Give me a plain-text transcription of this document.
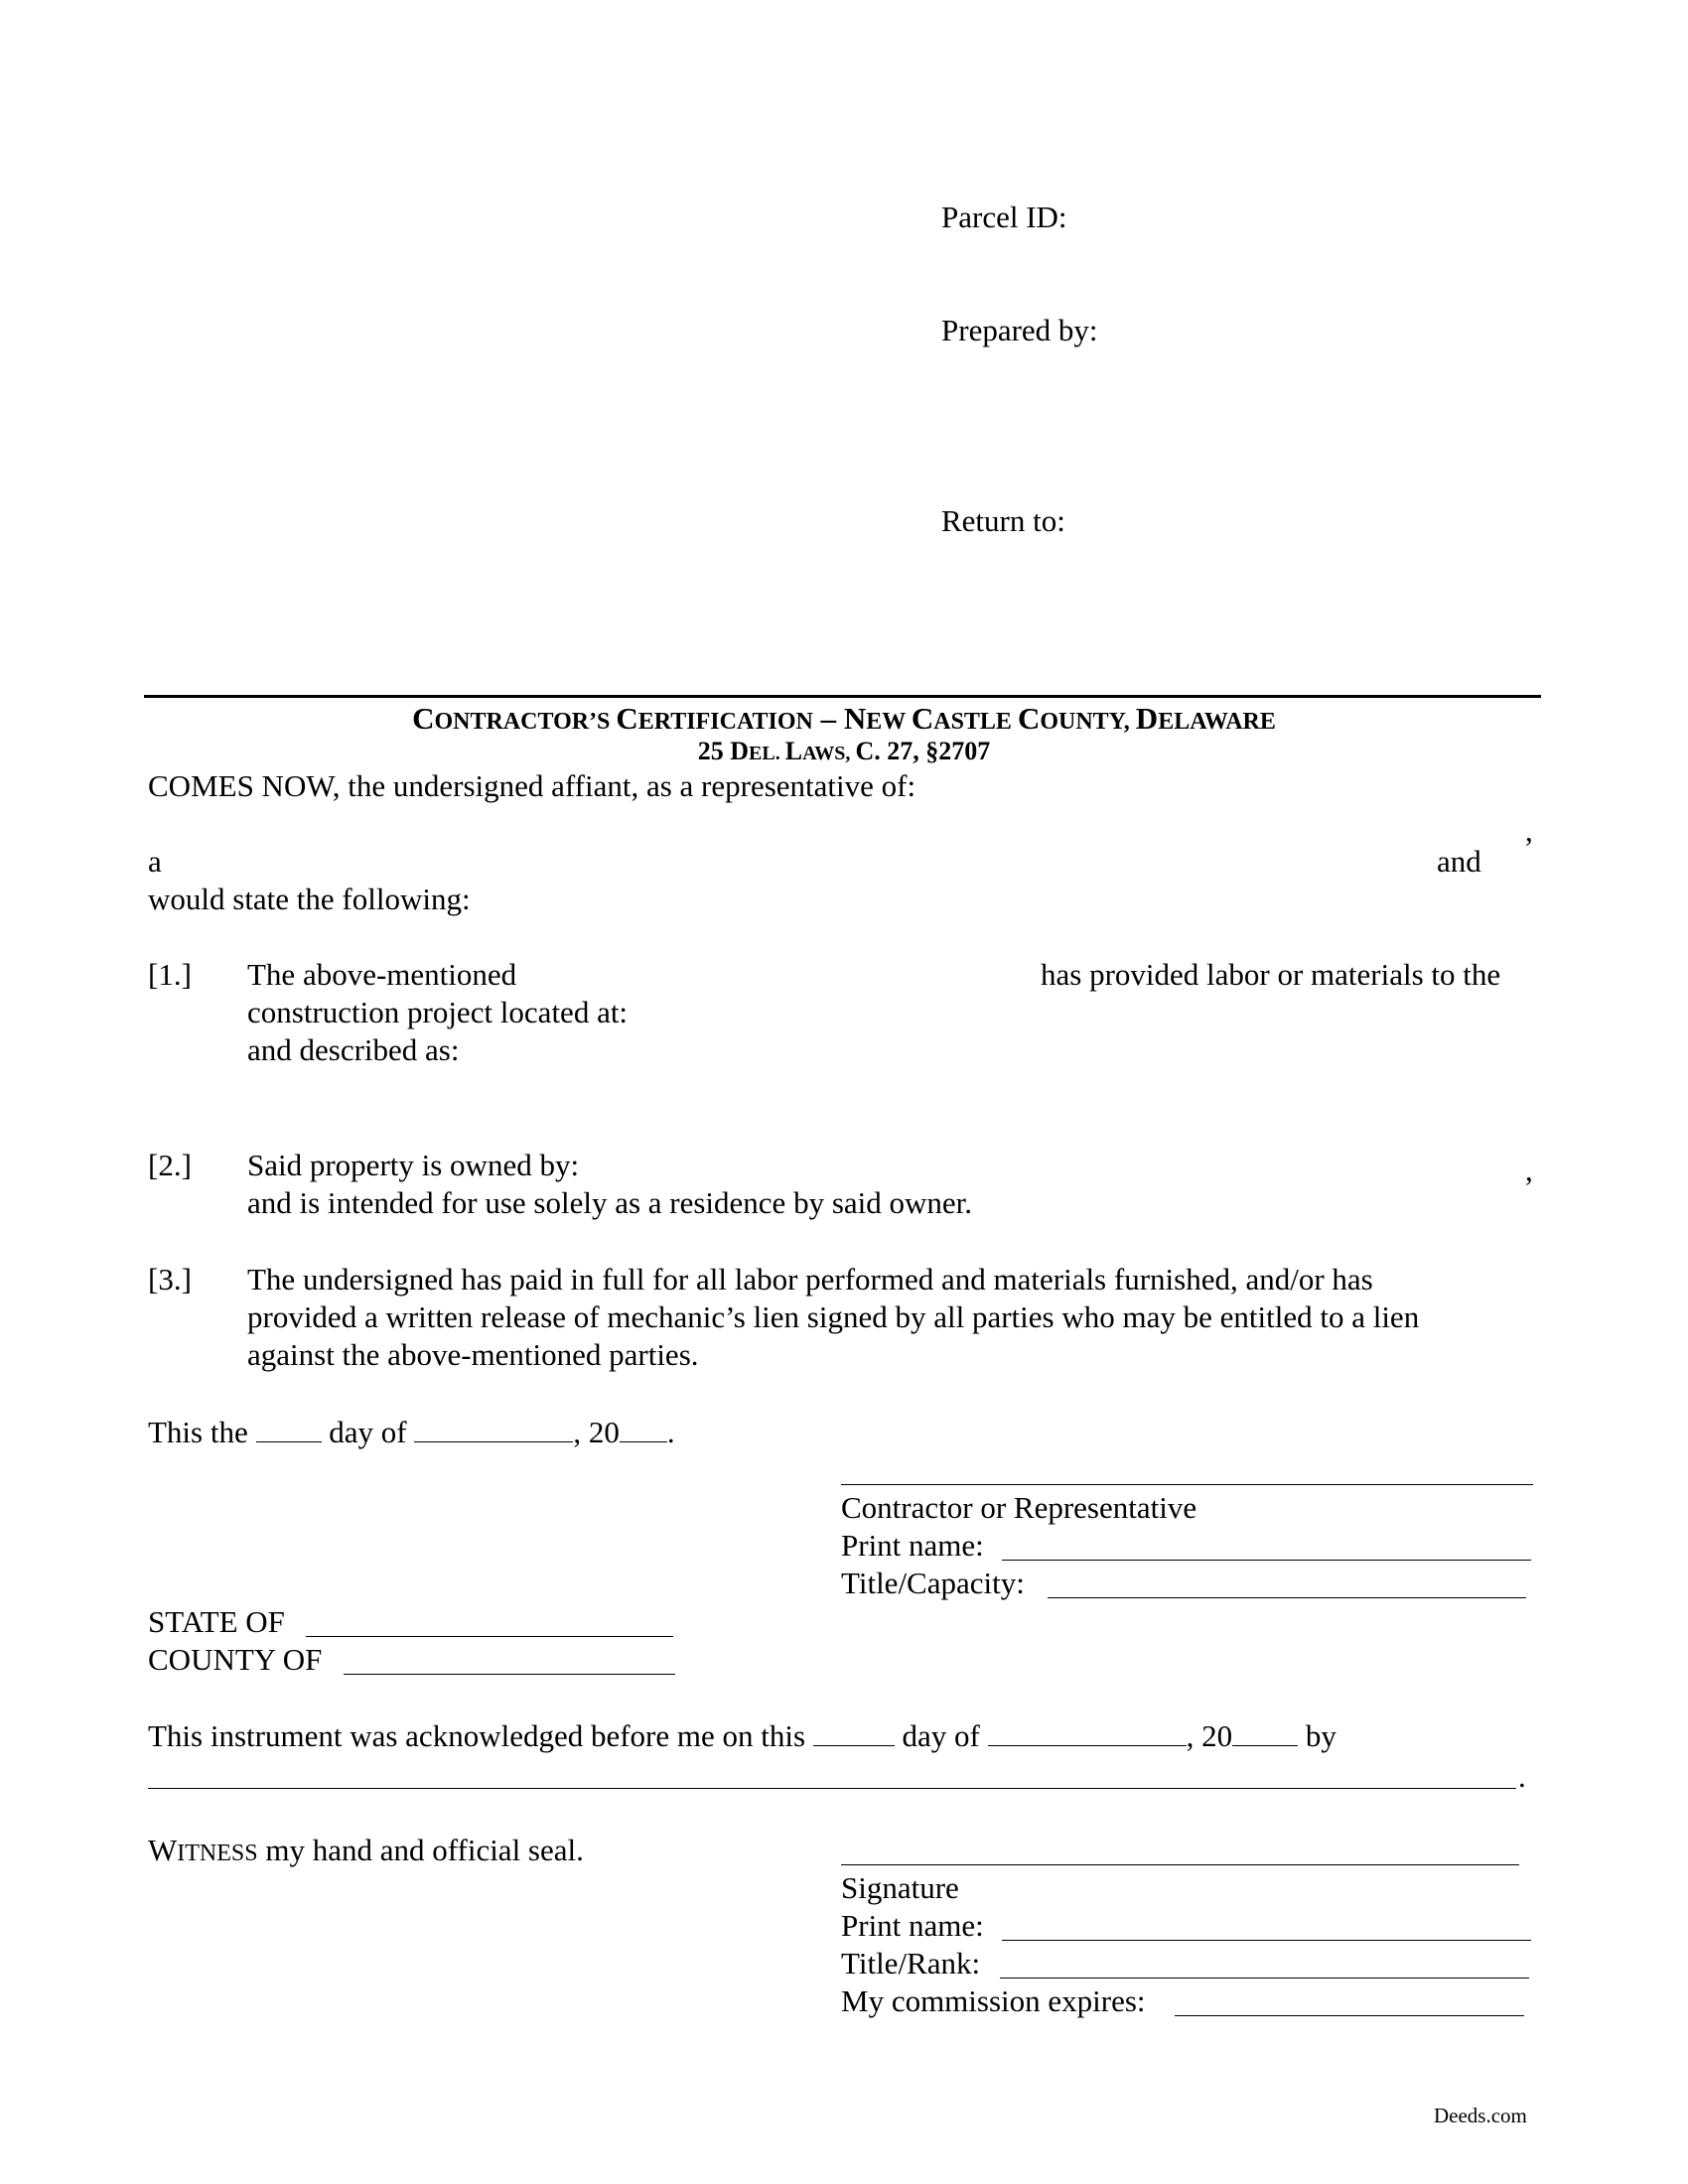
Parcel ID:
Prepared by:
Return to:
CONTRACTOR’S CERTIFICATION – NEW CASTLE COUNTY, DELAWARE
25 DEL. LAWS, C. 27, §2707
COMES NOW, the undersigned affiant, as a representative of:
,
a	and
would state the following:
[1.] The above-mentioned	has provided labor or materials to the
construction project located at:
and described as:
[2.] Said property is owned by:	,
and is intended for use solely as a residence by said owner.
[3.] The undersigned has paid in full for all labor performed and materials furnished, and/or has
provided a written release of mechanic’s lien signed by all parties who may be entitled to a lien
against the above-mentioned parties.
This the	day of	, 20 .
Contractor or Representative
Print name:
Title/Capacity:
STATE OF
COUNTY OF
This instrument was acknowledged before me on this	day of	, 20 by
.
WITNESS my hand and official seal.
Signature
Print name:
Title/Rank:
My commission expires:
Deeds.com
